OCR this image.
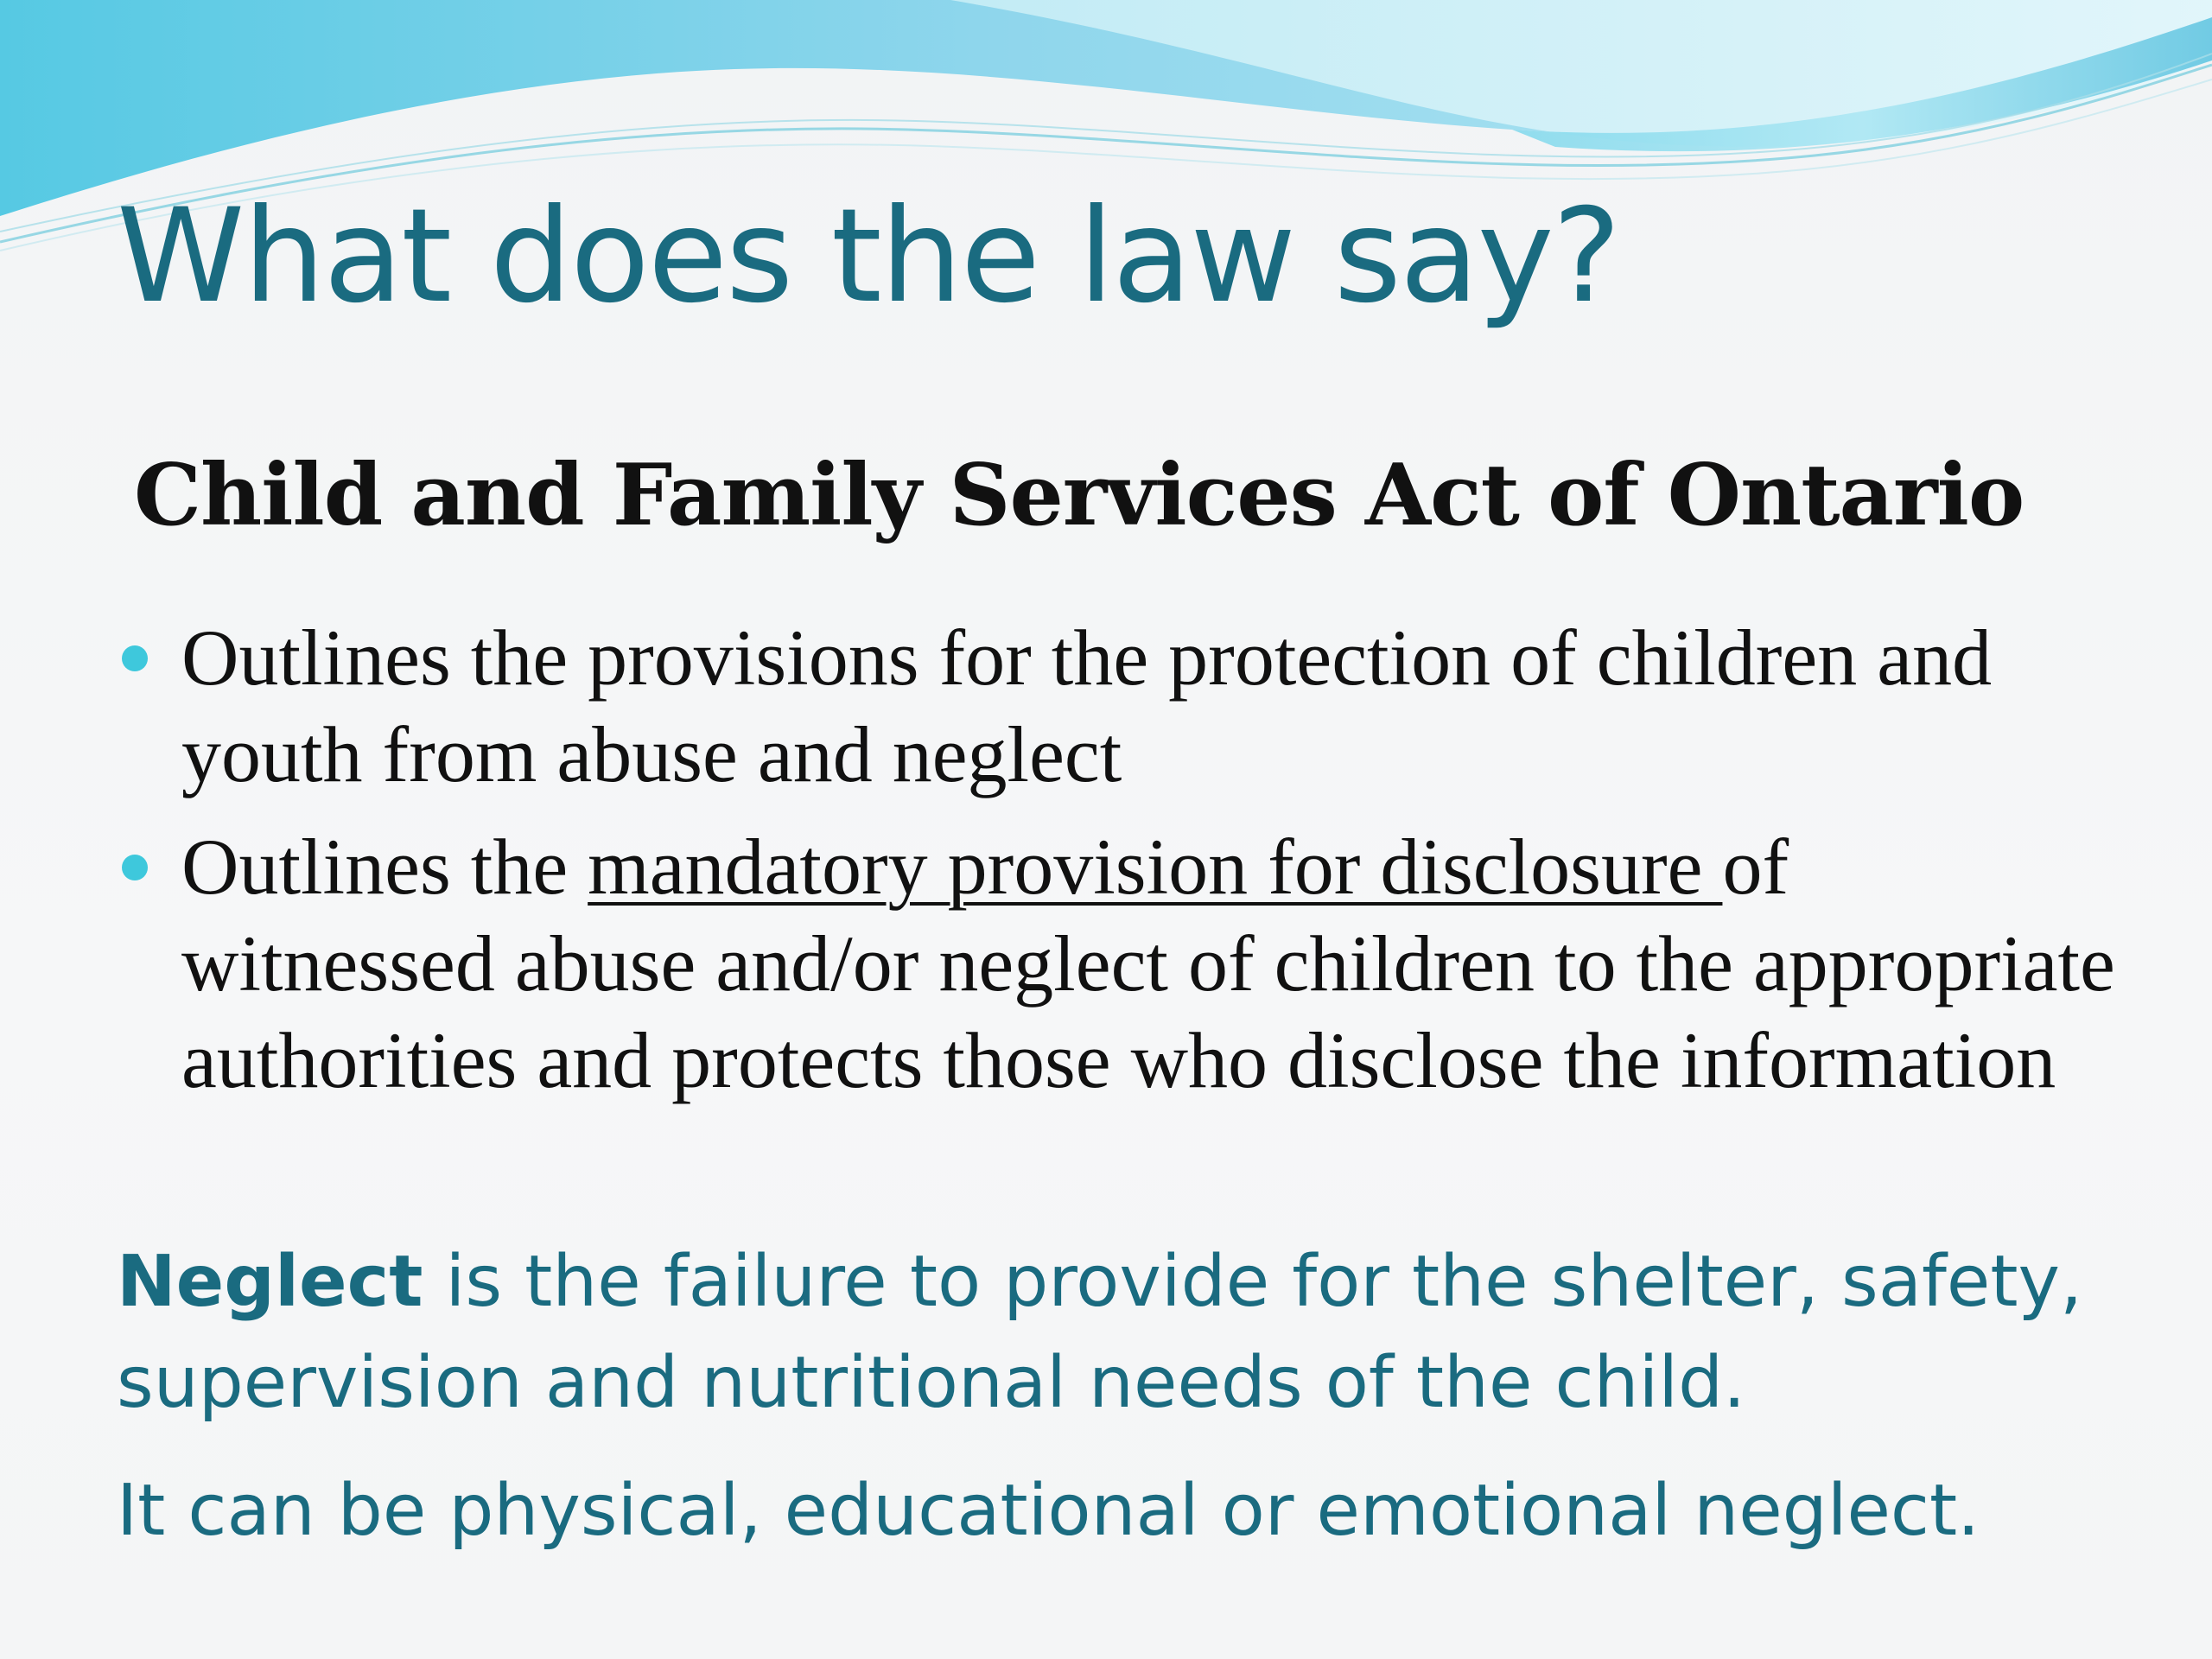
What does the law say?
Child and Family Services Act of Ontario
Outlines the provisions for the protection of children and youth from abuse and neglect
Outlines the mandatory provision for disclosure of witnessed abuse and/or neglect of children to the appropriate authorities and protects those who disclose the information

Neglect is the failure to provide for the shelter, safety, supervision and nutritional needs of the child.

It can be physical, educational or emotional neglect.
